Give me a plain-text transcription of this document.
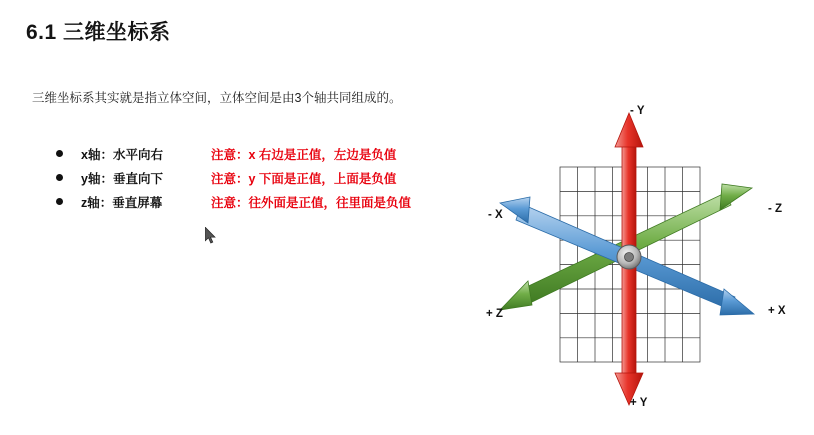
6.1 三维坐标系
三维坐标系其实就是指立体空间，立体空间是由3个轴共同组成的。
x轴：水平向右	注意：x 右边是正值，左边是负值
y轴：垂直向下	注意：y 下面是正值，上面是负值
z轴：垂直屏幕	注意：往外面是正值，往里面是负值
- Y
+ Y
- X
+ X
- Z
+ Z
